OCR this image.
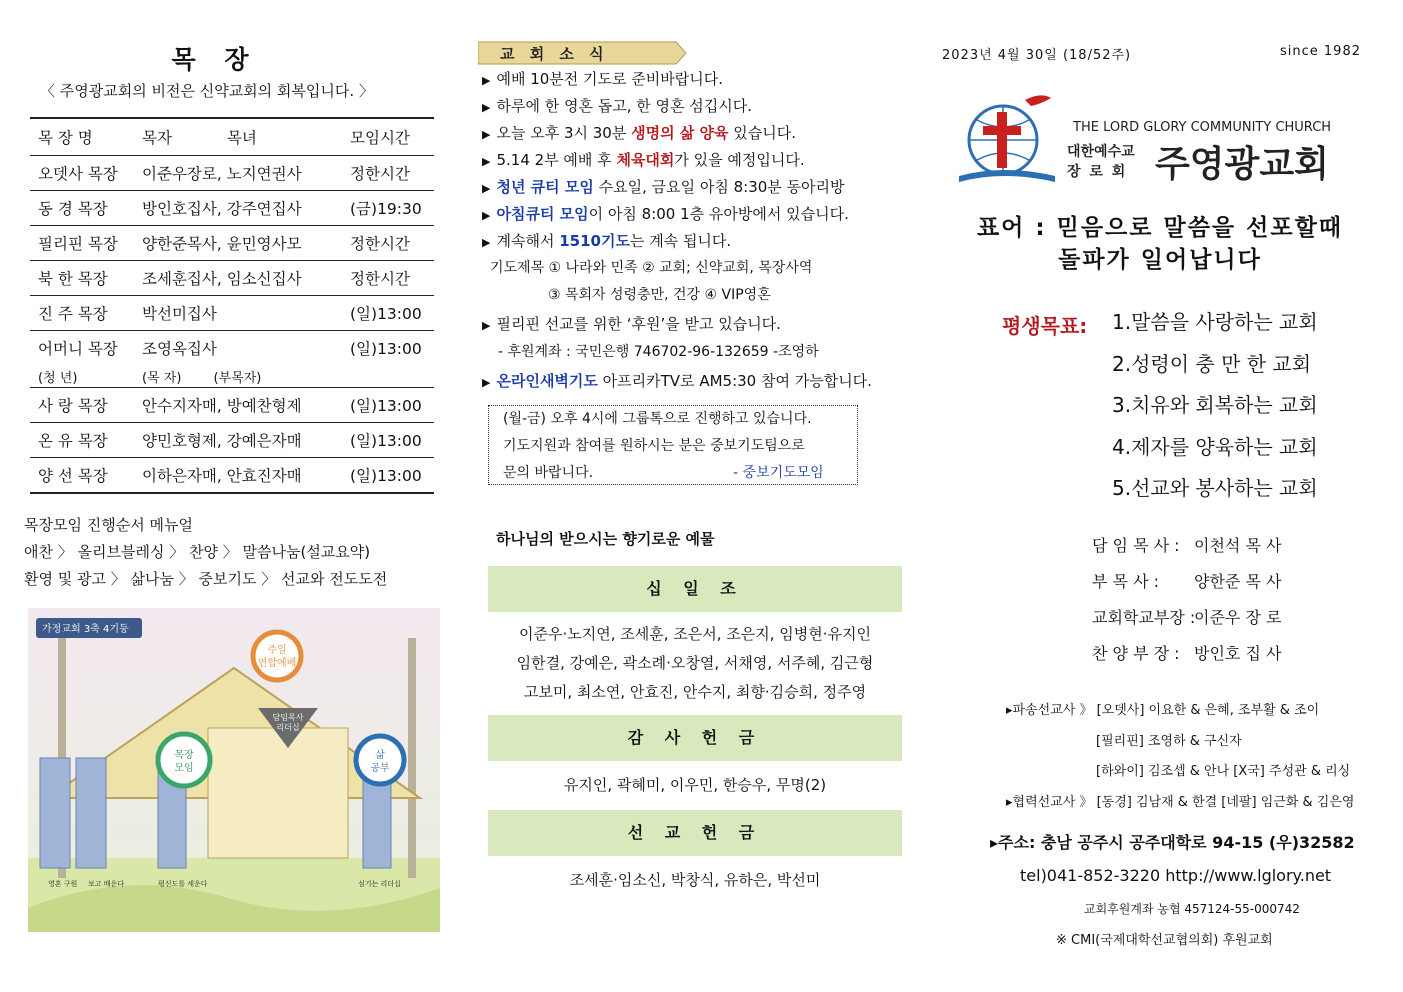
목 장
〈 주영광교회의 비전은 신약교회의 회복입니다. 〉
목 장 명	목자 목녀	모임시간
오뎃사 목장	이준우장로, 노지연권사	정한시간
동 경 목장	방인호집사, 강주연집사	(금)19:30
필리핀 목장	양한준목사, 윤민영사모	정한시간
북 한 목장	조세훈집사, 임소신집사	정한시간
진 주 목장	박선미집사	(일)13:00
어머니 목장	조영옥집사	(일)13:00
(청 년)	(목 자) (부목자)	
사 랑 목장	안수지자매, 방예찬형제	(일)13:00
온 유 목장	양민호형제, 강예은자매	(일)13:00
양 선 목장	이하은자매, 안효진자매	(일)13:00
목장모임 진행순서 메뉴얼
애찬 〉 올리브블레싱 〉 찬양 〉 말씀나눔(설교요약)
환영 및 광고 〉 삶나눔 〉 중보기도 〉 선교와 전도도전
가정교회 3축 4기둥
주일
연합예배
목장
모임
삶
공부
담임목사
리더십
영혼 구원 보고 배운다	평신도를 세운다	섬기는 리더십
교 회 소 식
▶ 예배 10분전 기도로 준비바랍니다.
▶ 하루에 한 영혼 돕고, 한 영혼 섬깁시다.
▶ 오늘 오후 3시 30분 생명의 삶 양육 있습니다.
▶ 5.14 2부 예배 후 체육대회가 있을 예정입니다.
▶ 청년 큐티 모임 수요일, 금요일 아침 8:30분 동아리방
▶ 아침큐티 모임이 아침 8:00 1층 유아방에서 있습니다.
▶ 계속해서 1510기도는 계속 됩니다.
기도제목 ① 나라와 민족 ② 교회; 신약교회, 목장사역
③ 목회자 성령충만, 건강 ④ VIP영혼
▶ 필리핀 선교를 위한 ‘후원’을 받고 있습니다.
- 후원계좌 : 국민은행 746702-96-132659 -조영하
▶ 온라인새벽기도 아프리카TV로 AM5:30 참여 가능합니다.
(월-금) 오후 4시에 그룹톡으로 진행하고 있습니다.
기도지원과 참여를 원하시는 분은 중보기도팀으로
문의 바랍니다.	- 중보기도모임
하나님의 받으시는 향기로운 예물
십 일 조
이준우·노지연, 조세훈, 조은서, 조은지, 임병현·유지인
임한결, 강예은, 곽소례·오창열, 서채영, 서주혜, 김근형
고보미, 최소연, 안효진, 안수지, 최향·김승희, 정주영
감 사 헌 금
유지인, 곽혜미, 이우민, 한승우, 무명(2)
선 교 헌 금
조세훈·임소신, 박창식, 유하은, 박선미
2023년 4월 30일 (18/52주)	since 1982
THE LORD GLORY COMMUNITY CHURCH
대한예수교
장 로 회 주영광교회
표어 : 믿음으로 말씀을 선포할때
돌파가 일어납니다
평생목표: 1.말씀을 사랑하는 교회
2.성령이 충 만 한 교회
3.치유와 회복하는 교회
4.제자를 양육하는 교회
5.선교와 봉사하는 교회
담 임 목 사 : 이천석 목 사
부 목 사 : 양한준 목 사
교회학교부장 :이준우 장 로
찬 양 부 장 : 방인호 집 사
▸파송선교사 》 [오뎃사] 이요한 & 은혜, 조부활 & 조이
[필리핀] 조영하 & 구신자
[하와이] 김조셉 & 안나 [X국] 주성관 & 리싱
▸협력선교사 》 [동경] 김남재 & 한결 [네팔] 임근화 & 김은영
▸주소: 충남 공주시 공주대학로 94-15 (우)32582
tel)041-852-3220 http://www.lglory.net
교회후원계좌 농협 457124-55-000742
※ CMI(국제대학선교협의회) 후원교회
